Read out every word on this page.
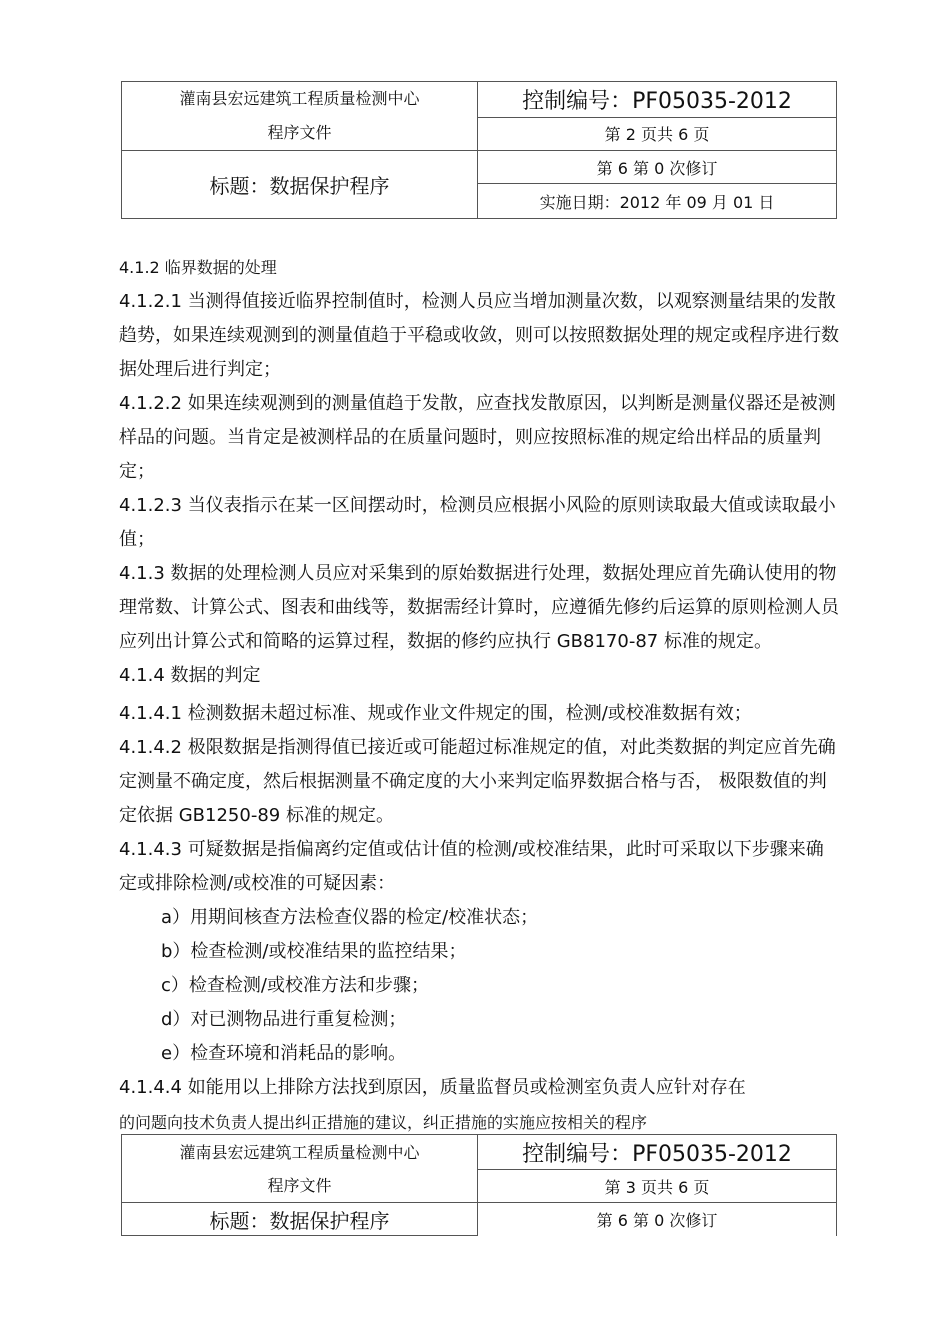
灌南县宏远建筑工程质量检测中心
程序文件	控制编号：PF05035-2012
	第 2 页共 6 页
标题：数据保护程序	第 6 第 0 次修订
	实施日期：2012 年 09 月 01 日

4.1.2 临界数据的处理

4.1.2.1 当测得值接近临界控制值时，检测人员应当增加测量次数，以观察测量结果的发散趋势，如果连续观测到的测量值趋于平稳或收敛，则可以按照数据处理的规定或程序进行数据处理后进行判定；

4.1.2.2 如果连续观测到的测量值趋于发散，应查找发散原因，以判断是测量仪器还是被测样品的问题。当肯定是被测样品的在质量问题时，则应按照标准的规定给出样品的质量判定；

4.1.2.3 当仪表指示在某一区间摆动时，检测员应根据小风险的原则读取最大值或读取最小值；

4.1.3 数据的处理检测人员应对采集到的原始数据进行处理，数据处理应首先确认使用的物理常数、计算公式、图表和曲线等，数据需经计算时，应遵循先修约后运算的原则检测人员应列出计算公式和简略的运算过程，数据的修约应执行 GB8170-87 标准的规定。

4.1.4 数据的判定

4.1.4.1 检测数据未超过标准、规或作业文件规定的围，检测/或校准数据有效；

4.1.4.2 极限数据是指测得值已接近或可能超过标准规定的值，对此类数据的判定应首先确定测量不确定度，然后根据测量不确定度的大小来判定临界数据合格与否， 极限数值的判定依据 GB1250-89 标准的规定。

4.1.4.3 可疑数据是指偏离约定值或估计值的检测/或校准结果，此时可采取以下步骤来确定或排除检测/或校准的可疑因素：

a）用期间核查方法检查仪器的检定/校准状态；

b）检查检测/或校准结果的监控结果；

c）检查检测/或校准方法和步骤；

d）对已测物品进行重复检测；

e）检查环境和消耗品的影响。

4.1.4.4 如能用以上排除方法找到原因，质量监督员或检测室负责人应针对存在

的问题向技术负责人提出纠正措施的建议，纠正措施的实施应按相关的程序

灌南县宏远建筑工程质量检测中心
程序文件	控制编号：PF05035-2012
	第 3 页共 6 页
标题：数据保护程序	第 6 第 0 次修订
